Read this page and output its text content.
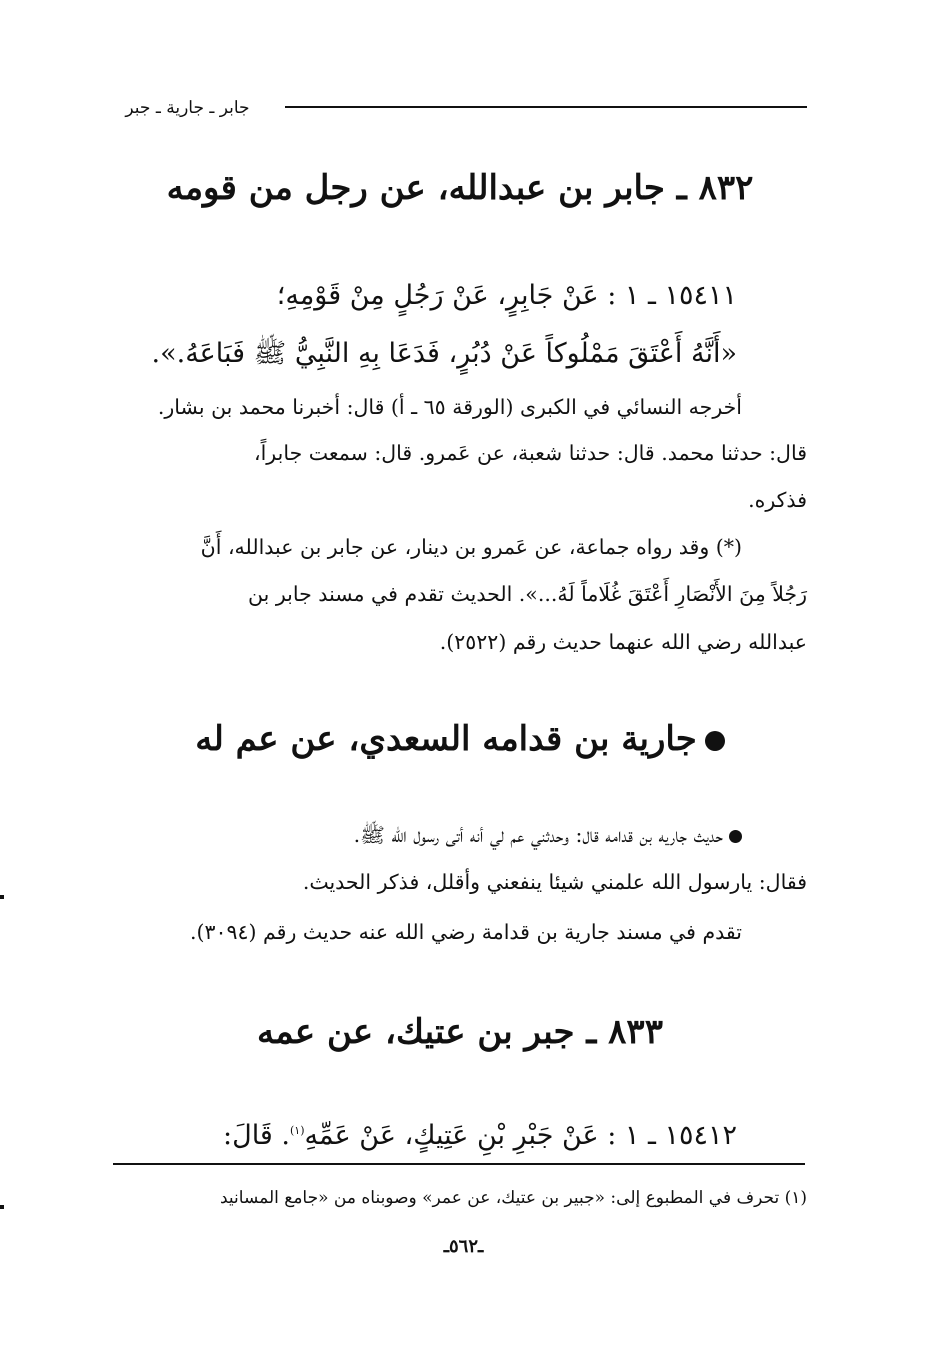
جابر ـ جارية ـ جبر
٨٣٢ ـ جابر بن عبدالله، عن رجل من قومه
١٥٤١١ ـ ١ : عَنْ جَابِرٍ، عَنْ رَجُلٍ مِنْ قَوْمِهِ؛
«أَنَّهُ أَعْتَقَ مَمْلُوكاً عَنْ دُبُرٍ، فَدَعَا بِهِ النَّبِيُّ ﷺ فَبَاعَهُ.».
أخرجه النسائي في الكبرى (الورقة ٦٥ ـ أ) قال: أخبرنا محمد بن بشار.
قال: حدثنا محمد. قال: حدثنا شعبة، عن عَمرو. قال: سمعت جابراً،
فذكره.
(*) وقد رواه جماعة، عن عَمرو بن دينار، عن جابر بن عبدالله، أَنَّ
رَجُلاً مِنَ الأَنْصَارِ أَعْتَقَ غُلَاماً لَهُ...». الحديث تقدم في مسند جابر بن
عبدالله رضي الله عنهما حديث رقم (٢٥٢٢).
جارية بن قدامه السعدي، عن عم له
حديث جاريه بن قدامه قال: وحدثني عم لي أنه أتى رسول الله ﷺ.
فقال: يارسول الله علمني شيئا ينفعني وأقلل، فذكر الحديث.
تقدم في مسند جارية بن قدامة رضي الله عنه حديث رقم (٣٠٩٤).
٨٣٣ ـ جبر بن عتيك، عن عمه
١٥٤١٢ ـ ١ : عَنْ جَبْرِ بْنِ عَتِيكٍ، عَنْ عَمِّهِ$^{(١)}$. قَالَ:
(١) تحرف في المطبوع إلى: «جبير بن عتيك، عن عمر» وصوبناه من «جامع المسانيد
ـ٥٦٢ـ
